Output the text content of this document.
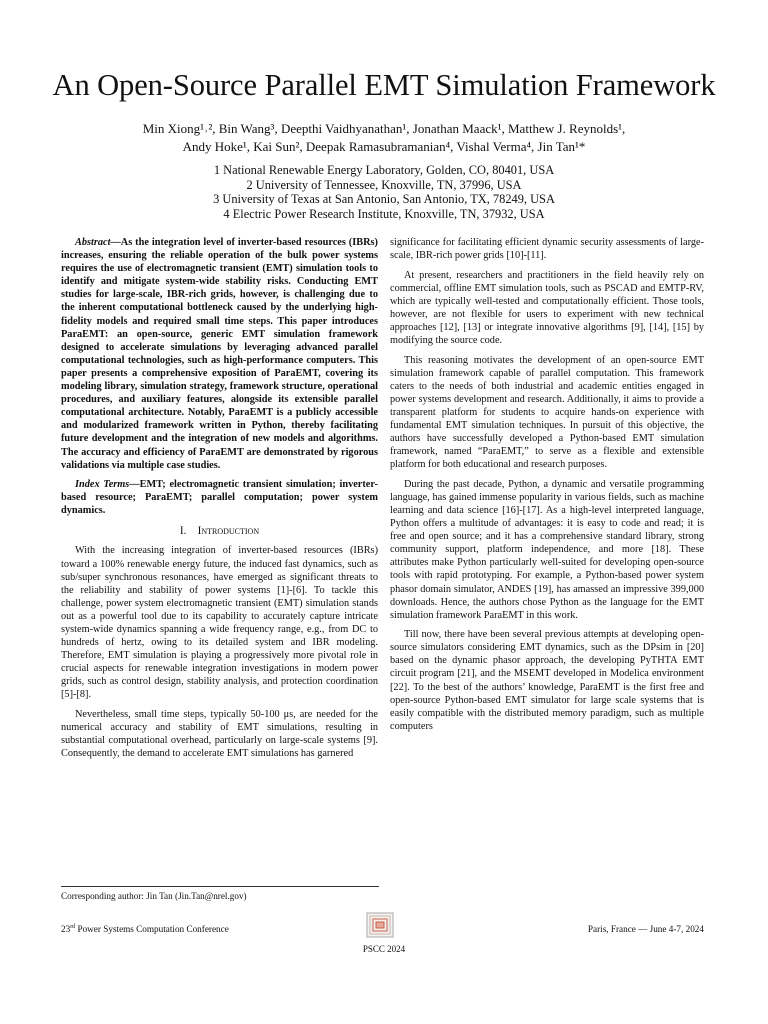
An Open-Source Parallel EMT Simulation Framework
Min Xiong¹˒², Bin Wang³, Deepthi Vaidhyanathan¹, Jonathan Maack¹, Matthew J. Reynolds¹,
Andy Hoke¹, Kai Sun², Deepak Ramasubramanian⁴, Vishal Verma⁴, Jin Tan¹*
1 National Renewable Energy Laboratory, Golden, CO, 80401, USA
2 University of Tennessee, Knoxville, TN, 37996, USA
3 University of Texas at San Antonio, San Antonio, TX, 78249, USA
4 Electric Power Research Institute, Knoxville, TN, 37932, USA

Abstract—As the integration level of inverter-based resources (IBRs) increases, ensuring the reliable operation of the bulk power systems requires the use of electromagnetic transient (EMT) simulation tools to identify and mitigate system-wide stability risks. Conducting EMT studies for large-scale, IBR-rich grids, however, is challenging due to the inherent computational bottleneck caused by the underlying high-fidelity models and required small time steps. This paper introduces ParaEMT: an open-source, generic EMT simulation framework designed to accelerate simulations by leveraging advanced parallel computational technologies, such as high-performance computers. This paper presents a comprehensive exposition of ParaEMT, covering its modeling library, simulation strategy, framework structure, operational procedures, and auxiliary features, alongside its extensible parallel computational architecture. Notably, ParaEMT is a publicly accessible and modularized framework written in Python, thereby facilitating future development and the integration of new models and algorithms. The accuracy and efficiency of ParaEMT are demonstrated by rigorous validations via multiple case studies.

Index Terms—EMT; electromagnetic transient simulation; inverter-based resource; ParaEMT; parallel computation; power system dynamics.

I. Introduction

With the increasing integration of inverter-based resources (IBRs) toward a 100% renewable energy future, the induced fast dynamics, such as sub/super synchronous resonances, have emerged as significant threats to the reliability and stability of power systems [1]-[6]. To tackle this challenge, power system electromagnetic transient (EMT) simulation stands out as a powerful tool due to its capability to accurately capture intricate system-wide dynamics spanning a wide frequency range, e.g., from DC to hundreds of hertz, owing to its detailed system and IBR modeling. Therefore, EMT simulation is playing a progressively more pivotal role in crucial aspects for renewable integration investigations in modern power grids, such as control design, stability analysis, and protection coordination [5]-[8].

Nevertheless, small time steps, typically 50-100 μs, are needed for the numerical accuracy and stability of EMT simulations, resulting in substantial computational overhead, particularly on large-scale systems [9]. Consequently, the demand to accelerate EMT simulations has garnered

significance for facilitating efficient dynamic security assessments of large-scale, IBR-rich power grids [10]-[11].

At present, researchers and practitioners in the field heavily rely on commercial, offline EMT simulation tools, such as PSCAD and EMTP-RV, which are typically well-tested and computationally efficient. Those tools, however, are not flexible for users to experiment with new technical approaches [12], [13] or integrate innovative algorithms [9], [14], [15] by modifying the source code.

This reasoning motivates the development of an open-source EMT simulation framework capable of parallel computation. This framework caters to the needs of both industrial and academic entities engaged in power systems development and research. Additionally, it aims to provide a transparent platform for students to acquire hands-on experience with fundamental EMT simulation techniques. In pursuit of this objective, the authors have successfully developed a Python-based EMT simulation framework, named “ParaEMT,” to serve as a flexible and extensible platform for both educational and research purposes.

During the past decade, Python, a dynamic and versatile programming language, has gained immense popularity in various fields, such as machine learning and data science [16]-[17]. As a high-level interpreted language, Python offers a multitude of advantages: it is easy to code and read; it is free and open source; and it has a comprehensive standard library, strong community support, platform independence, and more [18]. These attributes make Python particularly well-suited for developing open-source tools with rapid prototyping. For example, a Python-based power system phasor domain simulator, ANDES [19], has amassed an impressive 399,000 downloads. Hence, the authors chose Python as the language for the EMT simulation framework ParaEMT in this work.

Till now, there have been several previous attempts at developing open-source simulators considering EMT dynamics, such as the DPsim in [20] based on the dynamic phasor approach, the developing PyTHTA EMT circuit program [21], and the MSEMT developed in Modelica environment [22]. To the best of the authors’ knowledge, ParaEMT is the first free and open-source Python-based EMT simulator for large scale systems that is easily compatible with the distributed memory paradigm, such as multiple computers

Corresponding author: Jin Tan (Jin.Tan@nrel.gov)
23rd Power Systems Computation Conference
PSCC 2024
Paris, France — June 4-7, 2024
